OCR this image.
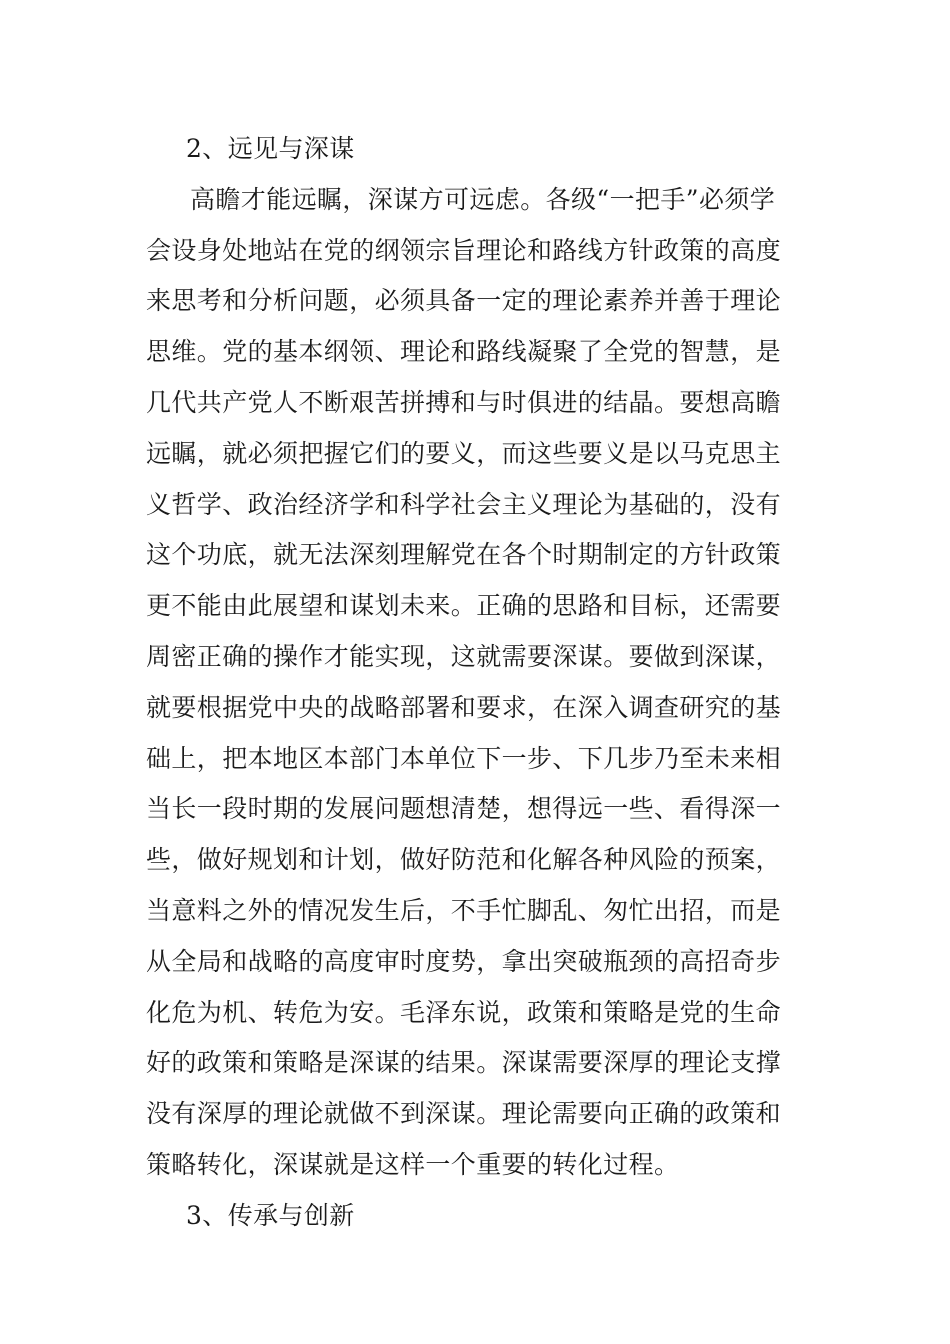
2、远见与深谋
高瞻才能远瞩，深谋方可远虑。各级“一把手”必须学
会设身处地站在党的纲领宗旨理论和路线方针政策的高度
来思考和分析问题，必须具备一定的理论素养并善于理论
思维。党的基本纲领、理论和路线凝聚了全党的智慧，是
几代共产党人不断艰苦拼搏和与时俱进的结晶。要想高瞻
远瞩，就必须把握它们的要义，而这些要义是以马克思主
义哲学、政治经济学和科学社会主义理论为基础的，没有
这个功底，就无法深刻理解党在各个时期制定的方针政策
更不能由此展望和谋划未来。正确的思路和目标，还需要
周密正确的操作才能实现，这就需要深谋。要做到深谋，
就要根据党中央的战略部署和要求，在深入调查研究的基
础上，把本地区本部门本单位下一步、下几步乃至未来相
当长一段时期的发展问题想清楚，想得远一些、看得深一
些，做好规划和计划，做好防范和化解各种风险的预案，
当意料之外的情况发生后，不手忙脚乱、匆忙出招，而是
从全局和战略的高度审时度势，拿出突破瓶颈的高招奇步
化危为机、转危为安。毛泽东说，政策和策略是党的生命
好的政策和策略是深谋的结果。深谋需要深厚的理论支撑
没有深厚的理论就做不到深谋。理论需要向正确的政策和
策略转化，深谋就是这样一个重要的转化过程。
3、传承与创新
